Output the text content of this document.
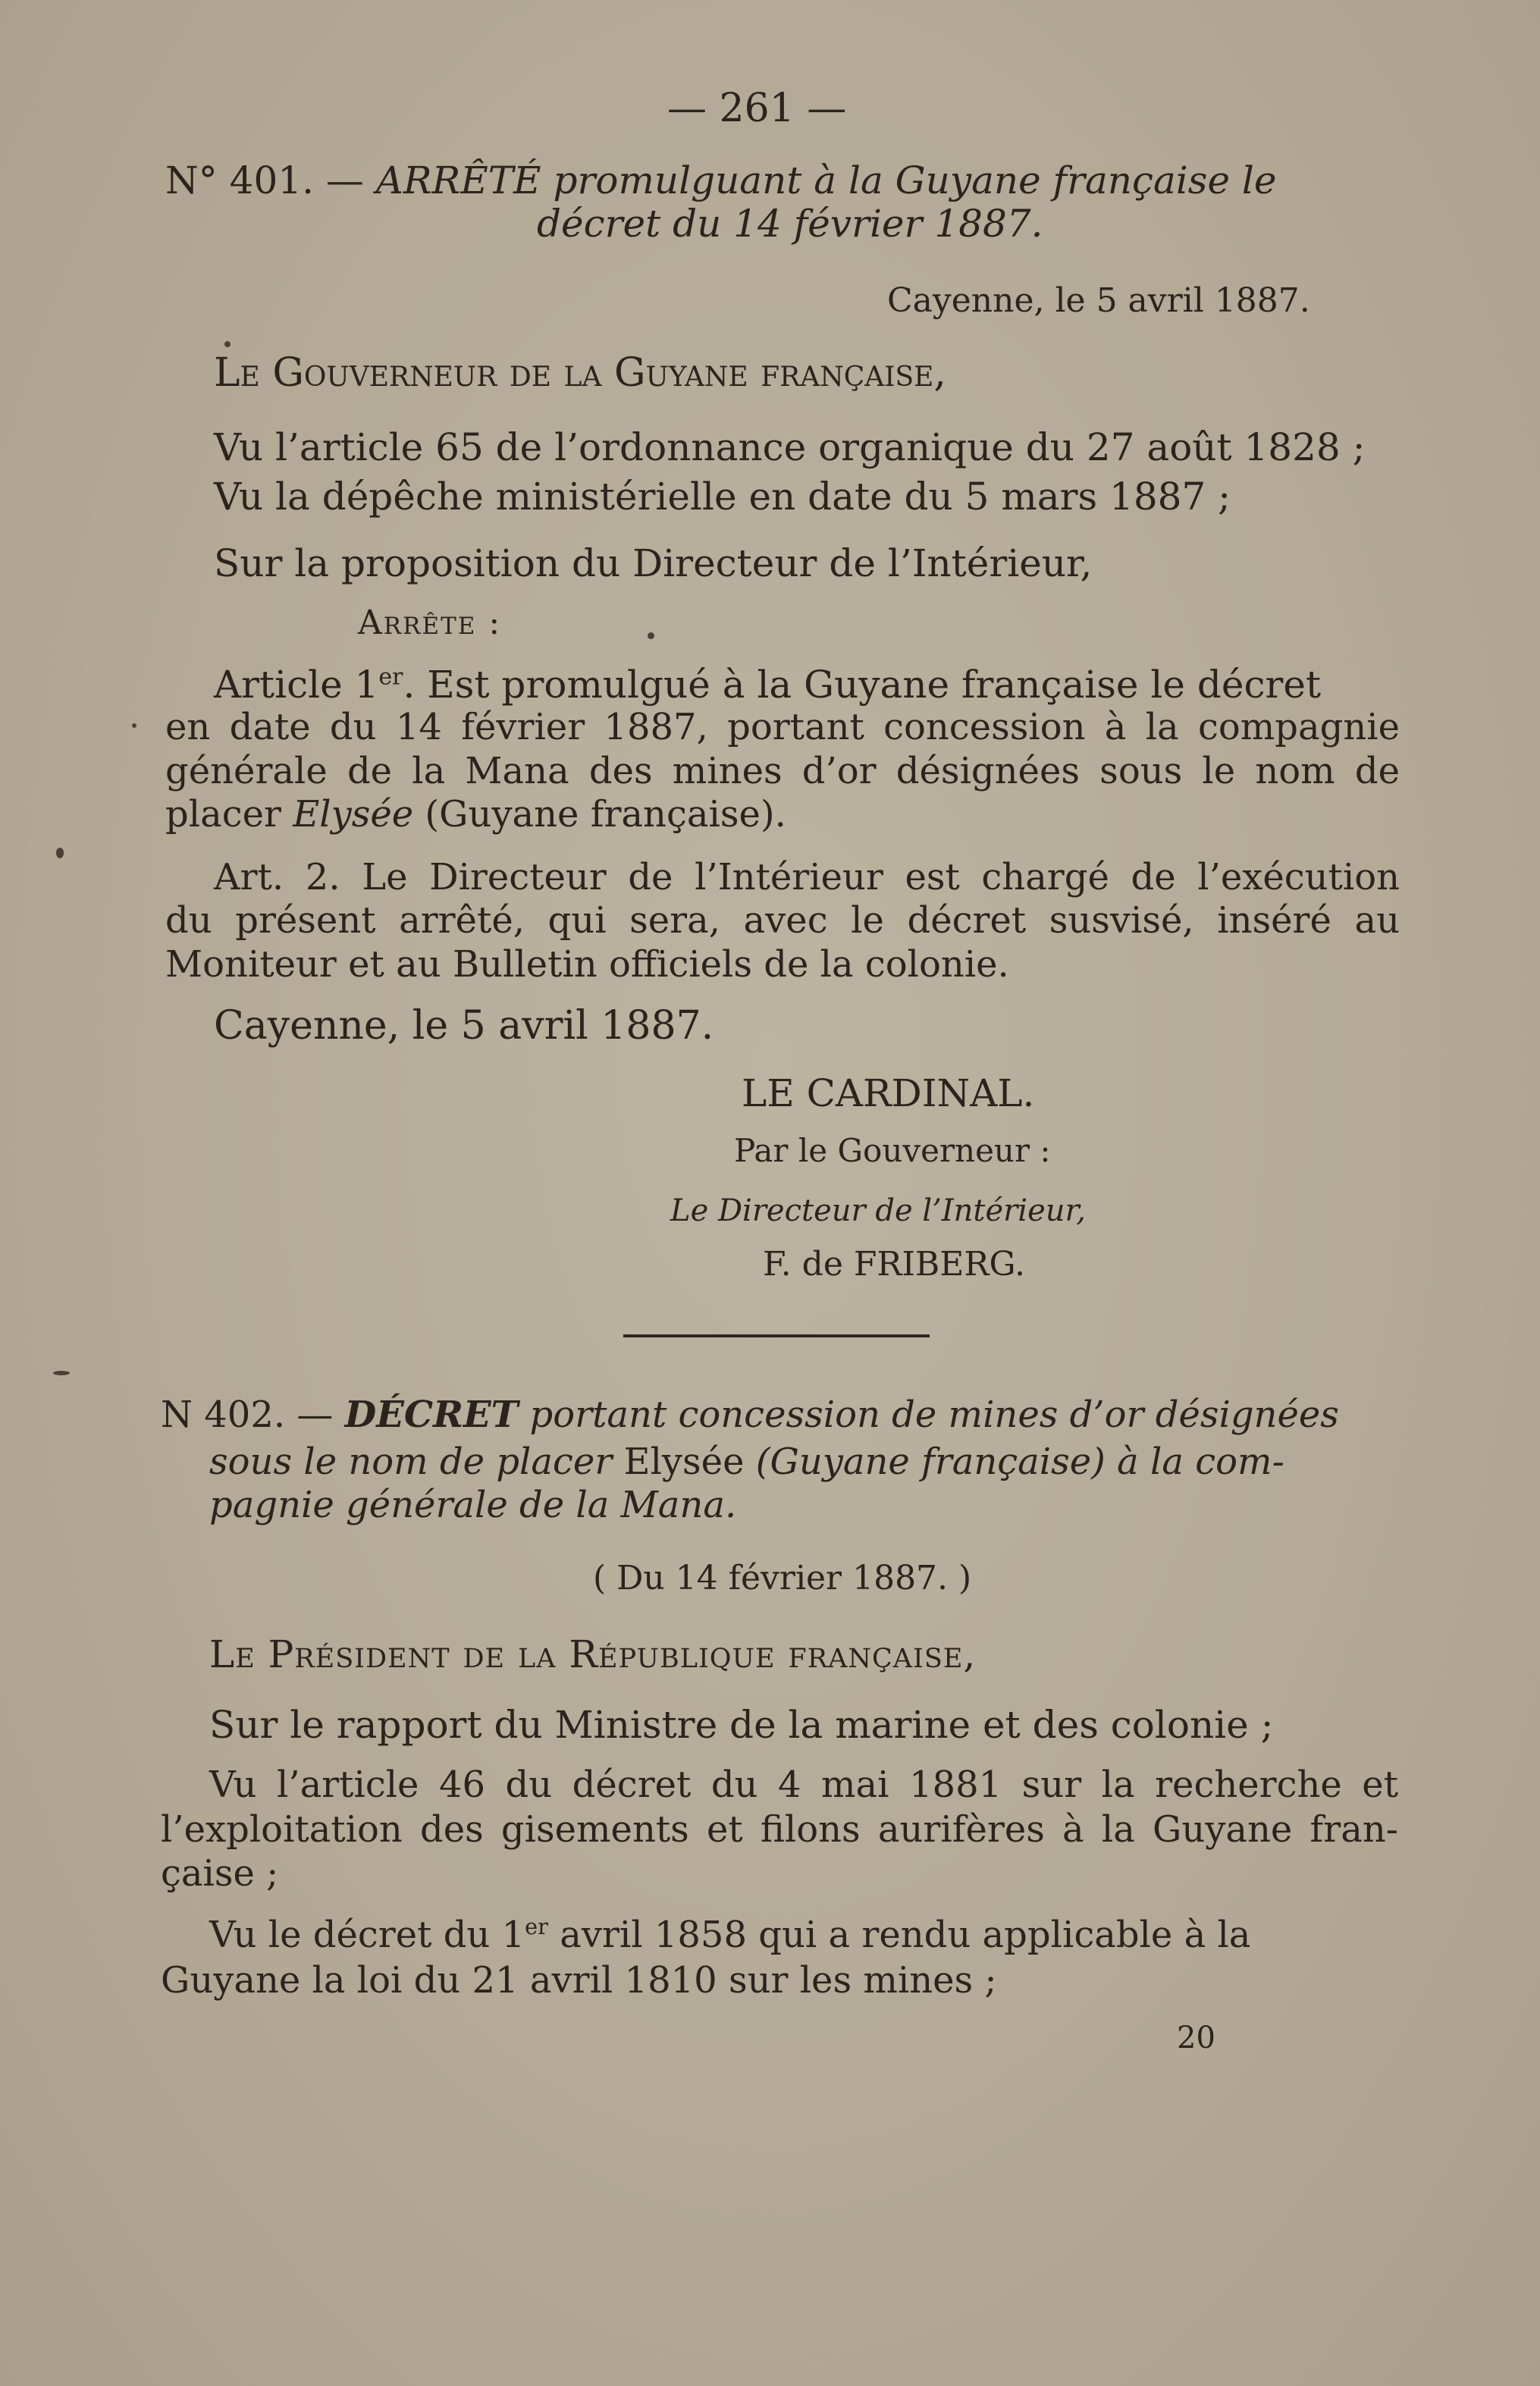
— 261 —
N° 401. — ARRÊTÉ promulguant à la Guyane française le
décret du 14 février 1887.
Cayenne, le 5 avril 1887.
Le Gouverneur de la Guyane française,
Vu l’article 65 de l’ordonnance organique du 27 août 1828 ;
Vu la dépêche ministérielle en date du 5 mars 1887 ;
Sur la proposition du Directeur de l’Intérieur,
Arrête :
Article 1er. Est promulgué à la Guyane française le décret
en date du 14 février 1887, portant concession à la compagnie
générale de la Mana des mines d’or désignées sous le nom de
placer Elysée (Guyane française).
Art. 2. Le Directeur de l’Intérieur est chargé de l’exécution
du présent arrêté, qui sera, avec le décret susvisé, inséré au
Moniteur et au Bulletin officiels de la colonie.
Cayenne, le 5 avril 1887.
LE CARDINAL.
Par le Gouverneur :
Le Directeur de l’Intérieur,
F. de FRIBERG.
N 402. — DÉCRET portant concession de mines d’or désignées
sous le nom de placer Elysée (Guyane française) à la com-
pagnie générale de la Mana.
( Du 14 février 1887. )
Le Président de la République française,
Sur le rapport du Ministre de la marine et des colonie ;
Vu l’article 46 du décret du 4 mai 1881 sur la recherche et
l’exploitation des gisements et filons aurifères à la Guyane fran-
çaise ;
Vu le décret du 1er avril 1858 qui a rendu applicable à la
Guyane la loi du 21 avril 1810 sur les mines ;
20
